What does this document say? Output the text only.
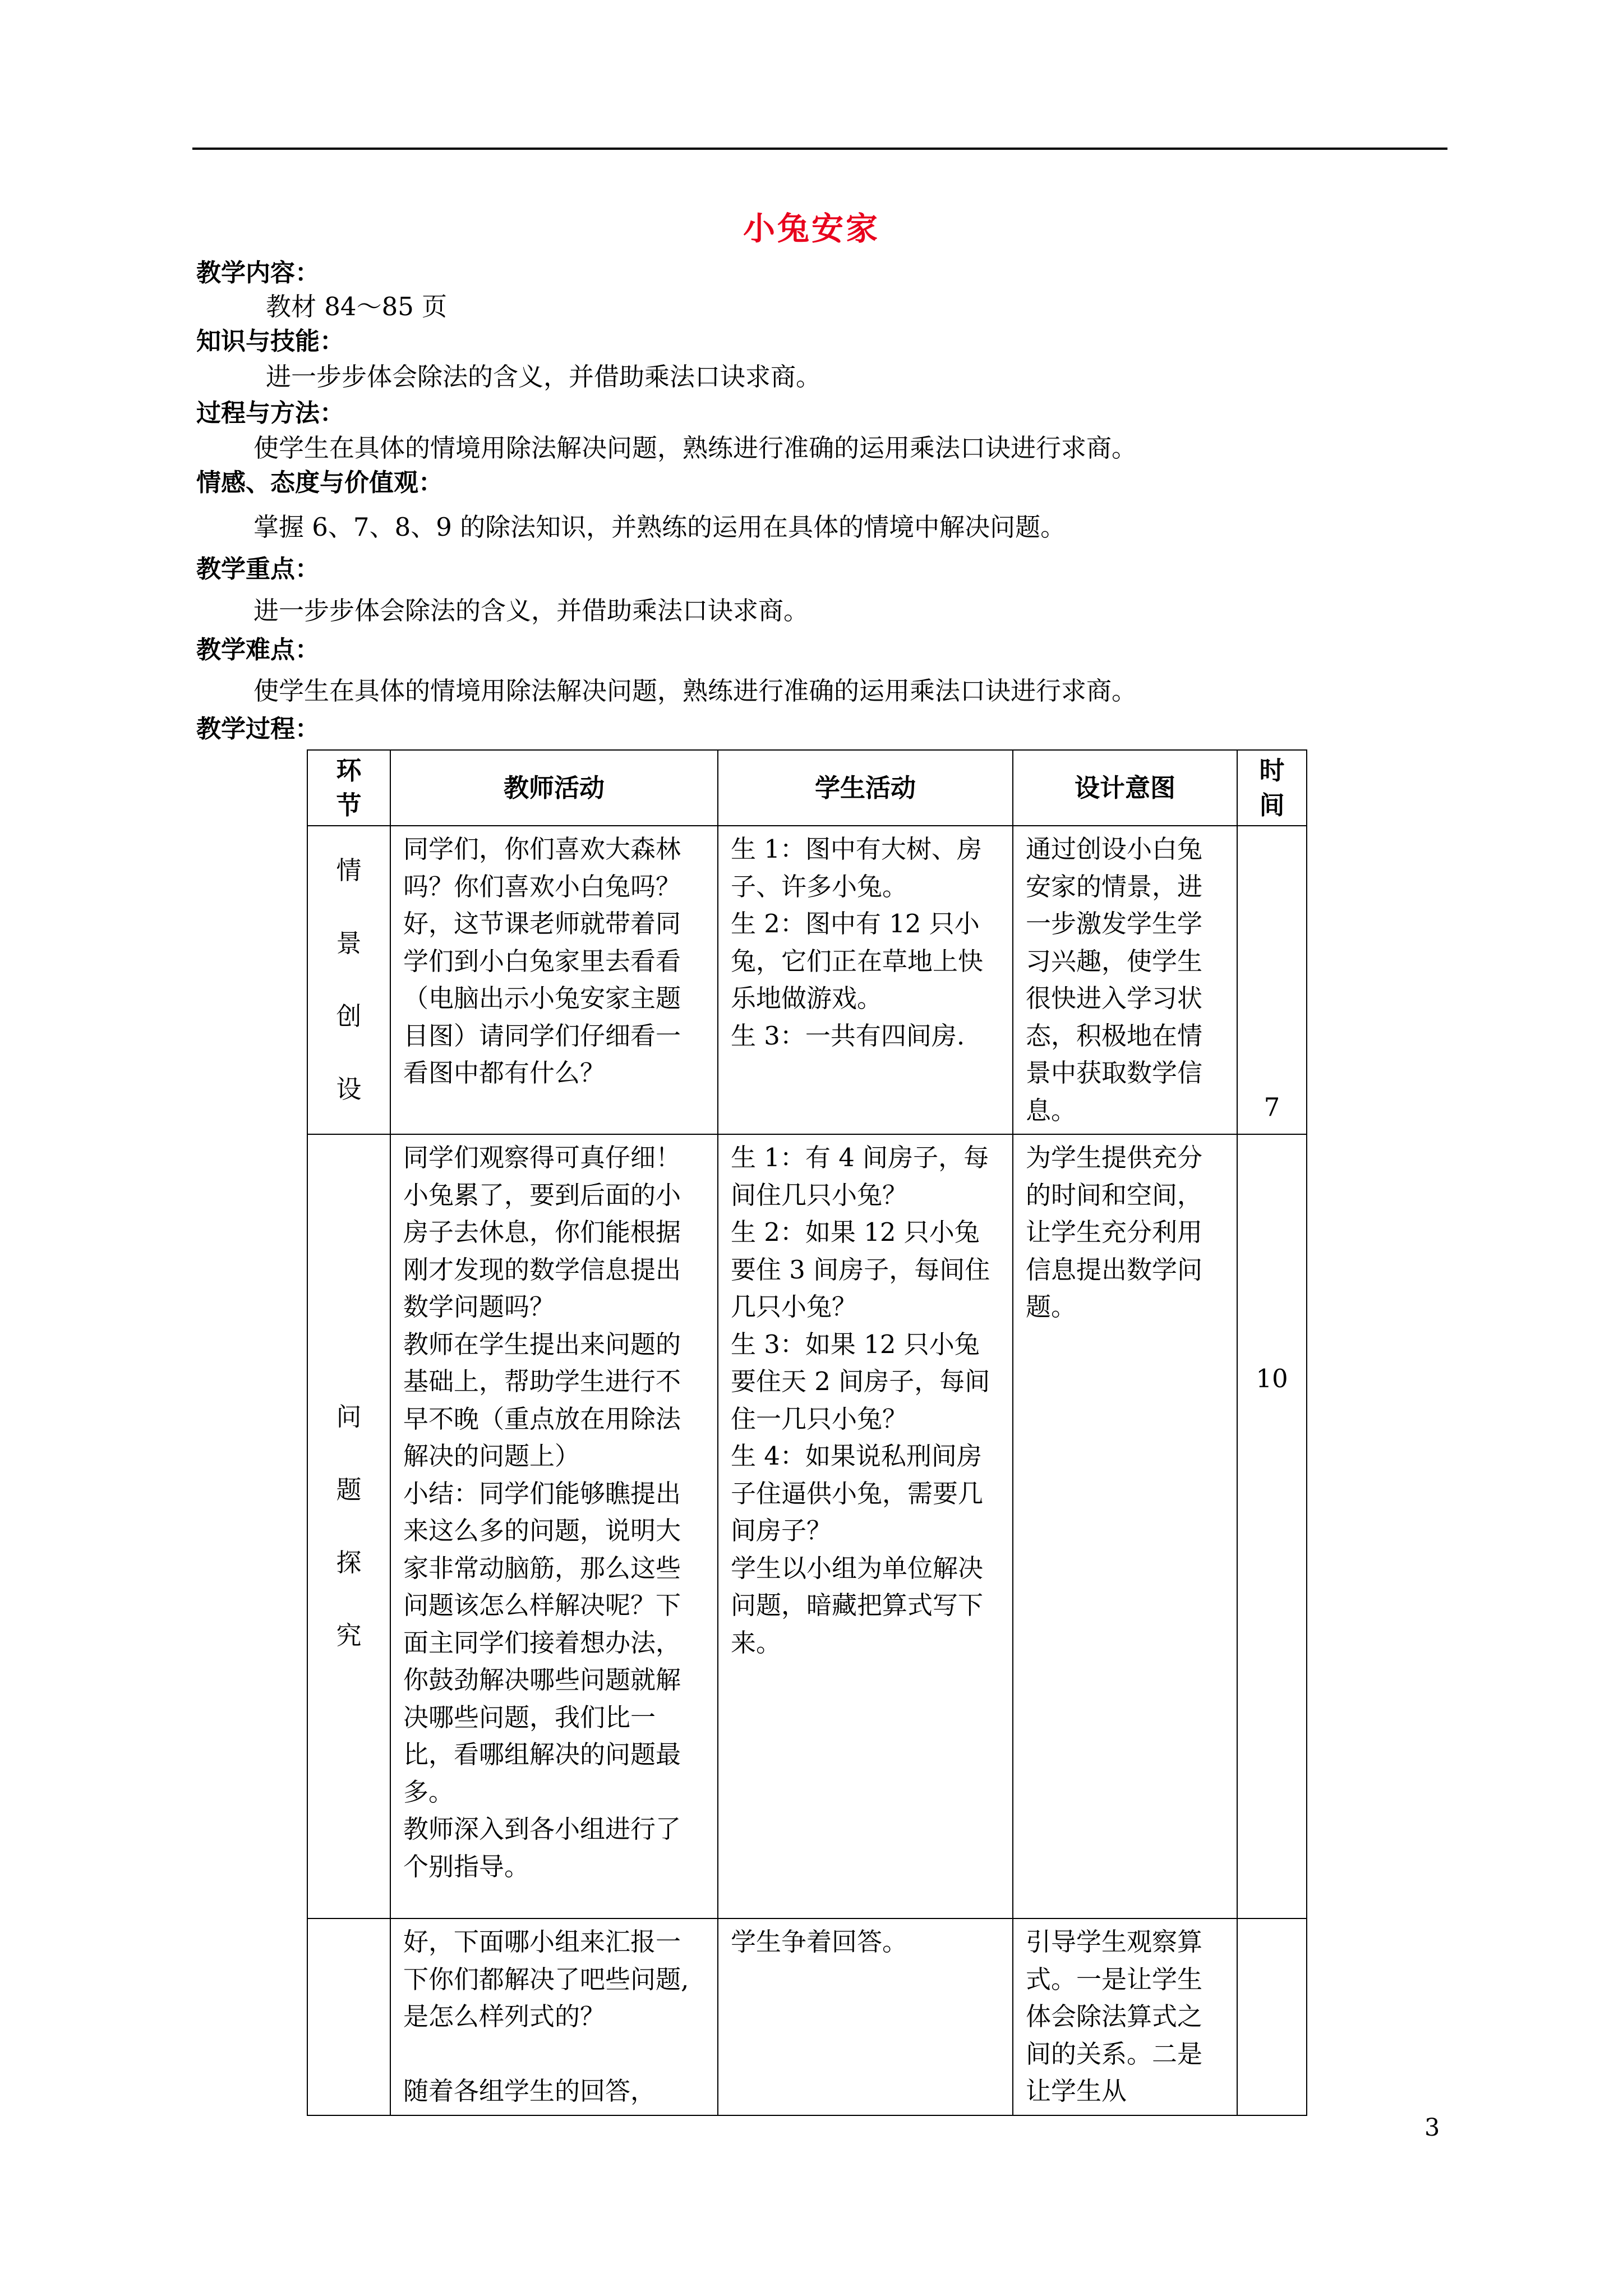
小兔安家
教学内容：
教材 84～85 页
知识与技能：
进一步步体会除法的含义，并借助乘法口诀求商。
过程与方法：
使学生在具体的情境用除法解决问题，熟练进行准确的运用乘法口诀进行求商。
情感、态度与价值观：
掌握 6、7、8、9 的除法知识，并熟练的运用在具体的情境中解决问题。
教学重点：
进一步步体会除法的含义，并借助乘法口诀求商。
教学难点：
使学生在具体的情境用除法解决问题，熟练进行准确的运用乘法口诀进行求商。
教学过程：
环节	教师活动	学生活动	设计意图	时间
情景创设	同学们，你们喜欢大森林吗？你们喜欢小白兔吗？好，这节课老师就带着同学们到小白兔家里去看看（电脑出示小兔安家主题目图）请同学们仔细看一看图中都有什么？	生 1：图中有大树、房子、许多小兔。
生 2：图中有 12 只小兔，它们正在草地上快乐地做游戏。
生 3：一共有四间房.	通过创设小白兔安家的情景，进一步激发学生学习兴趣，使学生很快进入学习状态，积极地在情景中获取数学信息。	7
问题探究	同学们观察得可真仔细！小兔累了，要到后面的小房子去休息，你们能根据刚才发现的数学信息提出数学问题吗？
教师在学生提出来问题的基础上，帮助学生进行不早不晚（重点放在用除法解决的问题上）
小结：同学们能够瞧提出来这么多的问题，说明大家非常动脑筋，那么这些问题该怎么样解决呢？下面主同学们接着想办法，你鼓劲解决哪些问题就解决哪些问题，我们比一比，看哪组解决的问题最多。
教师深入到各小组进行了个别指导。	生 1：有 4 间房子，每间住几只小兔？
生 2：如果 12 只小兔要住 3 间房子，每间住几只小兔？
生 3：如果 12 只小兔要住天 2 间房子，每间住一几只小兔？
生 4：如果说私刑间房子住逼供小兔，需要几间房子？
学生以小组为单位解决问题，暗藏把算式写下来。	为学生提供充分的时间和空间，让学生充分利用信息提出数学问题。	10
	好，下面哪小组来汇报一下你们都解决了吧些问题,是怎么样列式的？

随着各组学生的回答，	学生争着回答。	引导学生观察算式。一是让学生体会除法算式之间的关系。二是让学生从	
3
